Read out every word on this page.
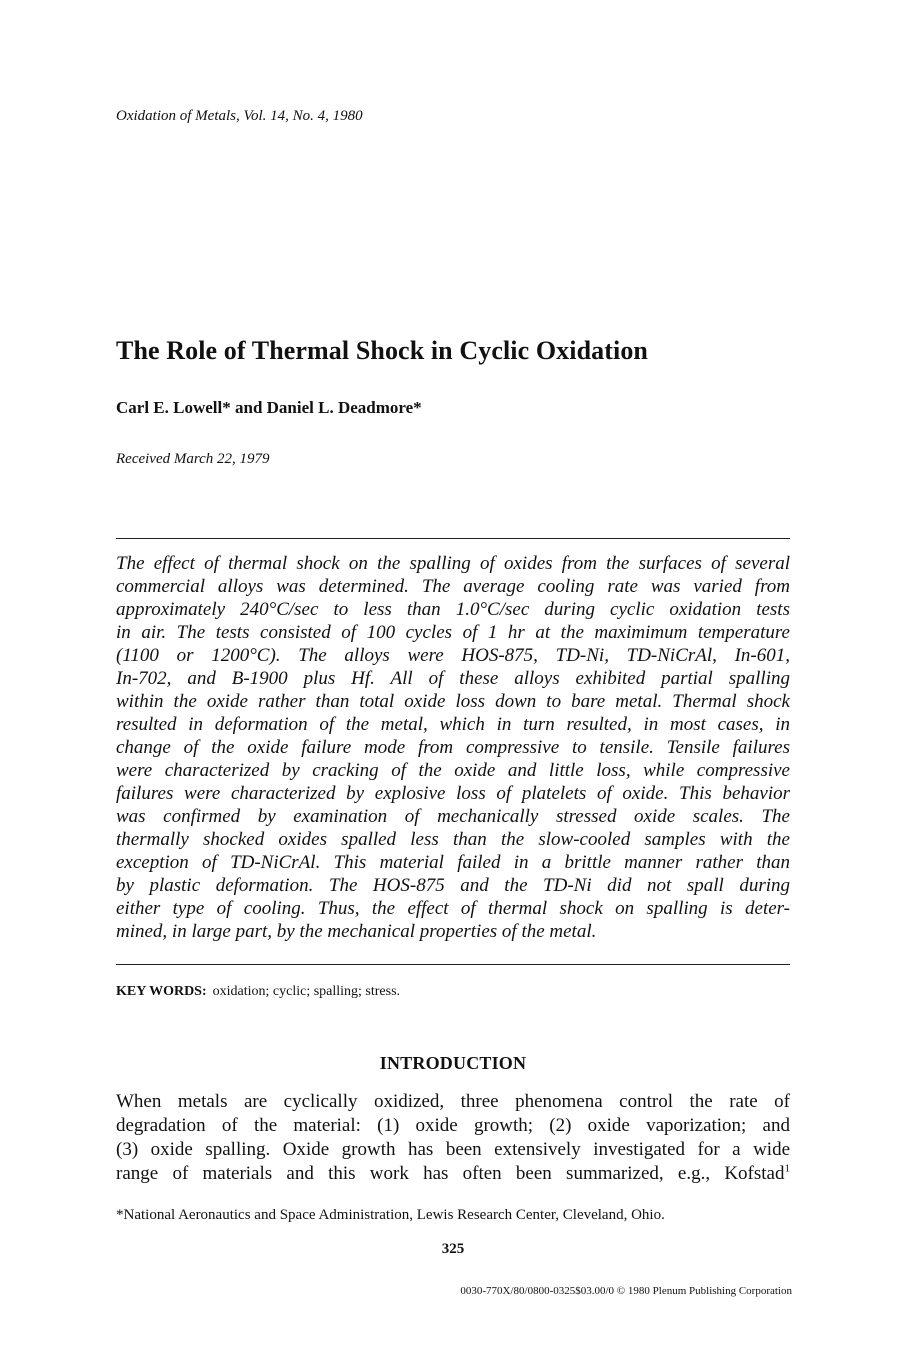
Oxidation of Metals, Vol. 14, No. 4, 1980
The Role of Thermal Shock in Cyclic Oxidation
Carl E. Lowell* and Daniel L. Deadmore*
Received March 22, 1979
The effect of thermal shock on the spalling of oxides from the surfaces of several
commercial alloys was determined. The average cooling rate was varied from
approximately 240°C/sec to less than 1.0°C/sec during cyclic oxidation tests
in air. The tests consisted of 100 cycles of 1 hr at the maximimum temperature
(1100 or 1200°C). The alloys were HOS-875, TD-Ni, TD-NiCrAl, In-601,
In-702, and B-1900 plus Hf. All of these alloys exhibited partial spalling
within the oxide rather than total oxide loss down to bare metal. Thermal shock
resulted in deformation of the metal, which in turn resulted, in most cases, in
change of the oxide failure mode from compressive to tensile. Tensile failures
were characterized by cracking of the oxide and little loss, while compressive
failures were characterized by explosive loss of platelets of oxide. This behavior
was confirmed by examination of mechanically stressed oxide scales. The
thermally shocked oxides spalled less than the slow-cooled samples with the
exception of TD-NiCrAl. This material failed in a brittle manner rather than
by plastic deformation. The HOS-875 and the TD-Ni did not spall during
either type of cooling. Thus, the effect of thermal shock on spalling is deter-
mined, in large part, by the mechanical properties of the metal.
KEY WORDS: oxidation; cyclic; spalling; stress.
INTRODUCTION
When metals are cyclically oxidized, three phenomena control the rate of
degradation of the material: (1) oxide growth; (2) oxide vaporization; and
(3) oxide spalling. Oxide growth has been extensively investigated for a wide
range of materials and this work has often been summarized, e.g., Kofstad$^1$
*National Aeronautics and Space Administration, Lewis Research Center, Cleveland, Ohio.
325
0030-770X/80/0800-0325$03.00/0 © 1980 Plenum Publishing Corporation
